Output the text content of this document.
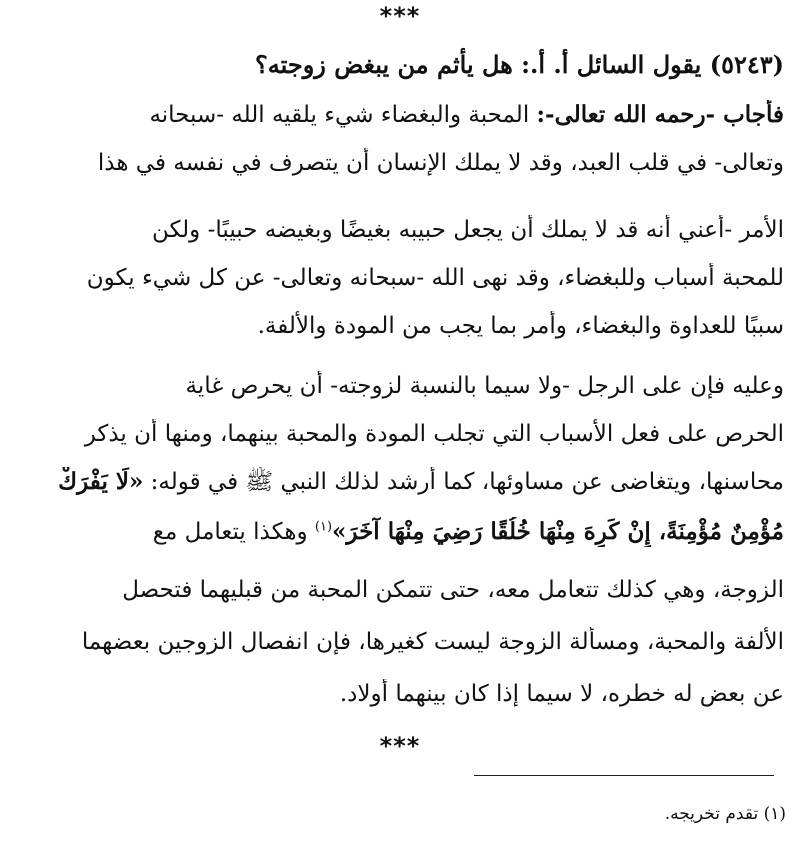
***
(٥٢٤٣) يقول السائل أ. أ.: هل يأثم من يبغض زوجته؟
فأجاب -رحمه الله تعالى-: المحبة والبغضاء شيء يلقيه الله -سبحانه
وتعالى- في قلب العبد، وقد لا يملك الإنسان أن يتصرف في نفسه في هذا
الأمر -أعني أنه قد لا يملك أن يجعل حبيبه بغيضًا وبغيضه حبيبًا- ولكن
للمحبة أسباب وللبغضاء، وقد نهى الله -سبحانه وتعالى- عن كل شيء يكون
سببًا للعداوة والبغضاء، وأمر بما يجب من المودة والألفة.
وعليه فإن على الرجل -ولا سيما بالنسبة لزوجته- أن يحرص غاية
الحرص على فعل الأسباب التي تجلب المودة والمحبة بينهما، ومنها أن يذكر
محاسنها، ويتغاضى عن مساوئها، كما أرشد لذلك النبي ﷺ في قوله: «لَا يَفْرَكْ
مُؤْمِنٌ مُؤْمِنَةً، إِنْ كَرِهَ مِنْهَا خُلُقًا رَضِيَ مِنْهَا آخَرَ»$^{(١)}$ وهكذا يتعامل مع
الزوجة، وهي كذلك تتعامل معه، حتى تتمكن المحبة من قبليهما فتحصل
الألفة والمحبة، ومسألة الزوجة ليست كغيرها، فإن انفصال الزوجين بعضهما
عن بعض له خطره، لا سيما إذا كان بينهما أولاد.
***
(١) تقدم تخريجه.
